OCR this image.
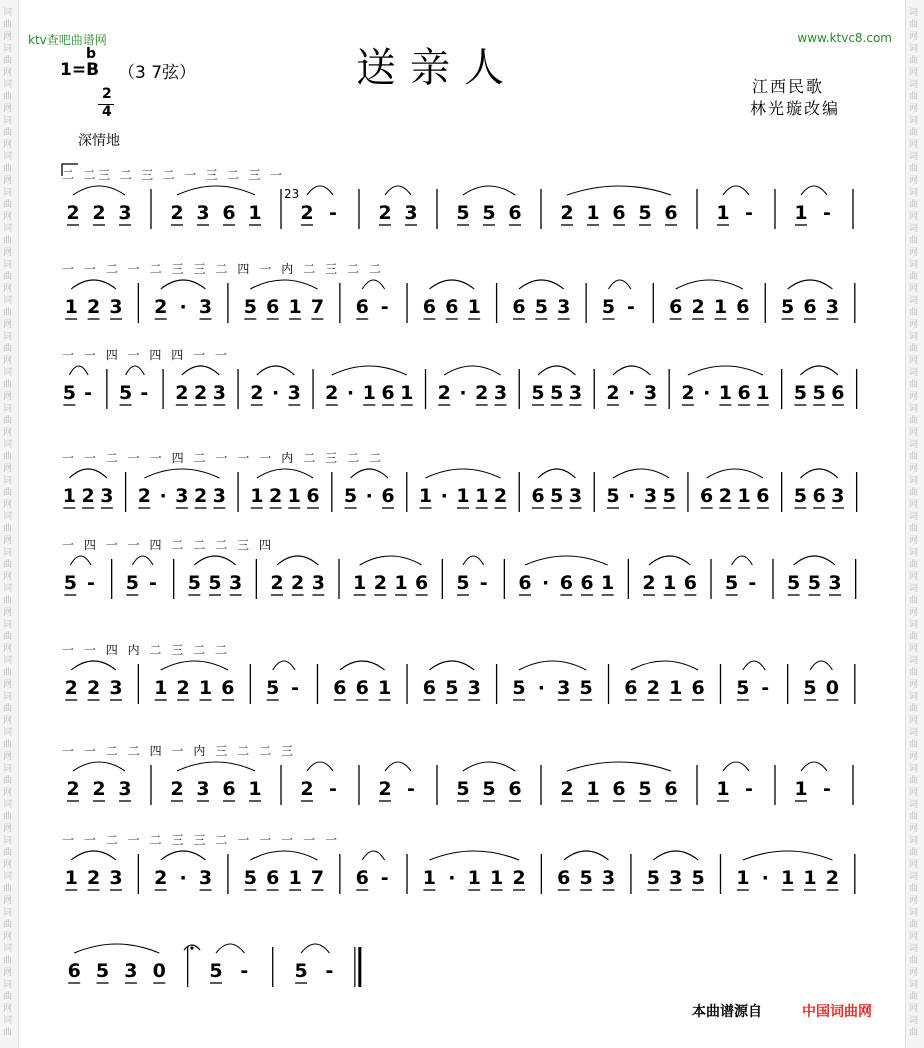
词
曲
网
词
曲
网
词
曲
网
词
曲
网
词
曲
网
词
曲
网
词
曲
网
词
曲
网
词
曲
网
词
曲
网
词
曲
网
词
曲
网
词
曲
网
词
曲
网
词
曲
网
词
曲
网
词
曲
网
词
曲
网
词
曲
网
词
曲
网
词
曲
网
词
曲
网
词
曲
网
词
曲
网
词
曲
网
词
曲
网
词
曲
网
词
曲
网
词
曲
词
曲
网
词
曲
网
词
曲
网
词
曲
网
词
曲
网
词
曲
网
词
曲
网
词
曲
网
词
曲
网
词
曲
网
词
曲
网
词
曲
网
词
曲
网
词
曲
网
词
曲
网
词
曲
网
词
曲
网
词
曲
网
词
曲
网
词
曲
网
词
曲
网
词
曲
网
词
曲
网
词
曲
网
词
曲
网
词
曲
网
词
曲
网
词
曲
网
词
曲
ktv查吧曲谱网	www.ktvc8.com
送亲人
b
1=B （3 7弦）
2
4
深情地
江西民歌
林光璇改编
二 二三 二 三 二 一 三 二 三 一
2 2 3 2 3 6 1 2 - 2 3 5 5 6 2 1 6 5 6 1 - 1 -
一 一 二 一 二 三 三 二 四 一 内 二 三 二 二
1 2 3 2 · 3 5 6 1 7 6 - 6 6 1 6 5 3 5 - 6 2 1 6 5 6 3
一 一 四 一 四 四 一 一
5 - 5 - 2 2 3 2 · 3 2 · 1 6 1 2 · 2 3 5 5 3 2 · 3 2 · 1 6 1 5 5 6
一 一 二 一 一 四 二 一 一 一 内 二 三 二 二
1 2 3 2 · 3 2 3 1 2 1 6 5 · 6 1 · 1 1 2 6 5 3 5 · 3 5 6 2 1 6 5 6 3
一 四 一 一 四 二 二 二 三 四
5 - 5 - 5 5 3 2 2 3 1 2 1 6 5 - 6 · 6 6 1 2 1 6 5 - 5 5 3
一 一 四 内 二 三 二 二
2 2 3 1 2 1 6 5 - 6 6 1 6 5 3 5 · 3 5 6 2 1 6 5 - 5 0
一 一 二 二 四 一 内 三 二 二 三
2 2 3 2 3 6 1 2 - 2 - 5 5 6 2 1 6 5 6 1 - 1 -
一 一 二 一 二 三 三 二 一 一 一 一 一
1 2 3 2 · 3 5 6 1 7 6 - 1 · 1 1 2 6 5 3 5 3 5 1 · 1 1 2
6 5 3 0 5 - 5 -
23
本曲谱源自	中国词曲网
